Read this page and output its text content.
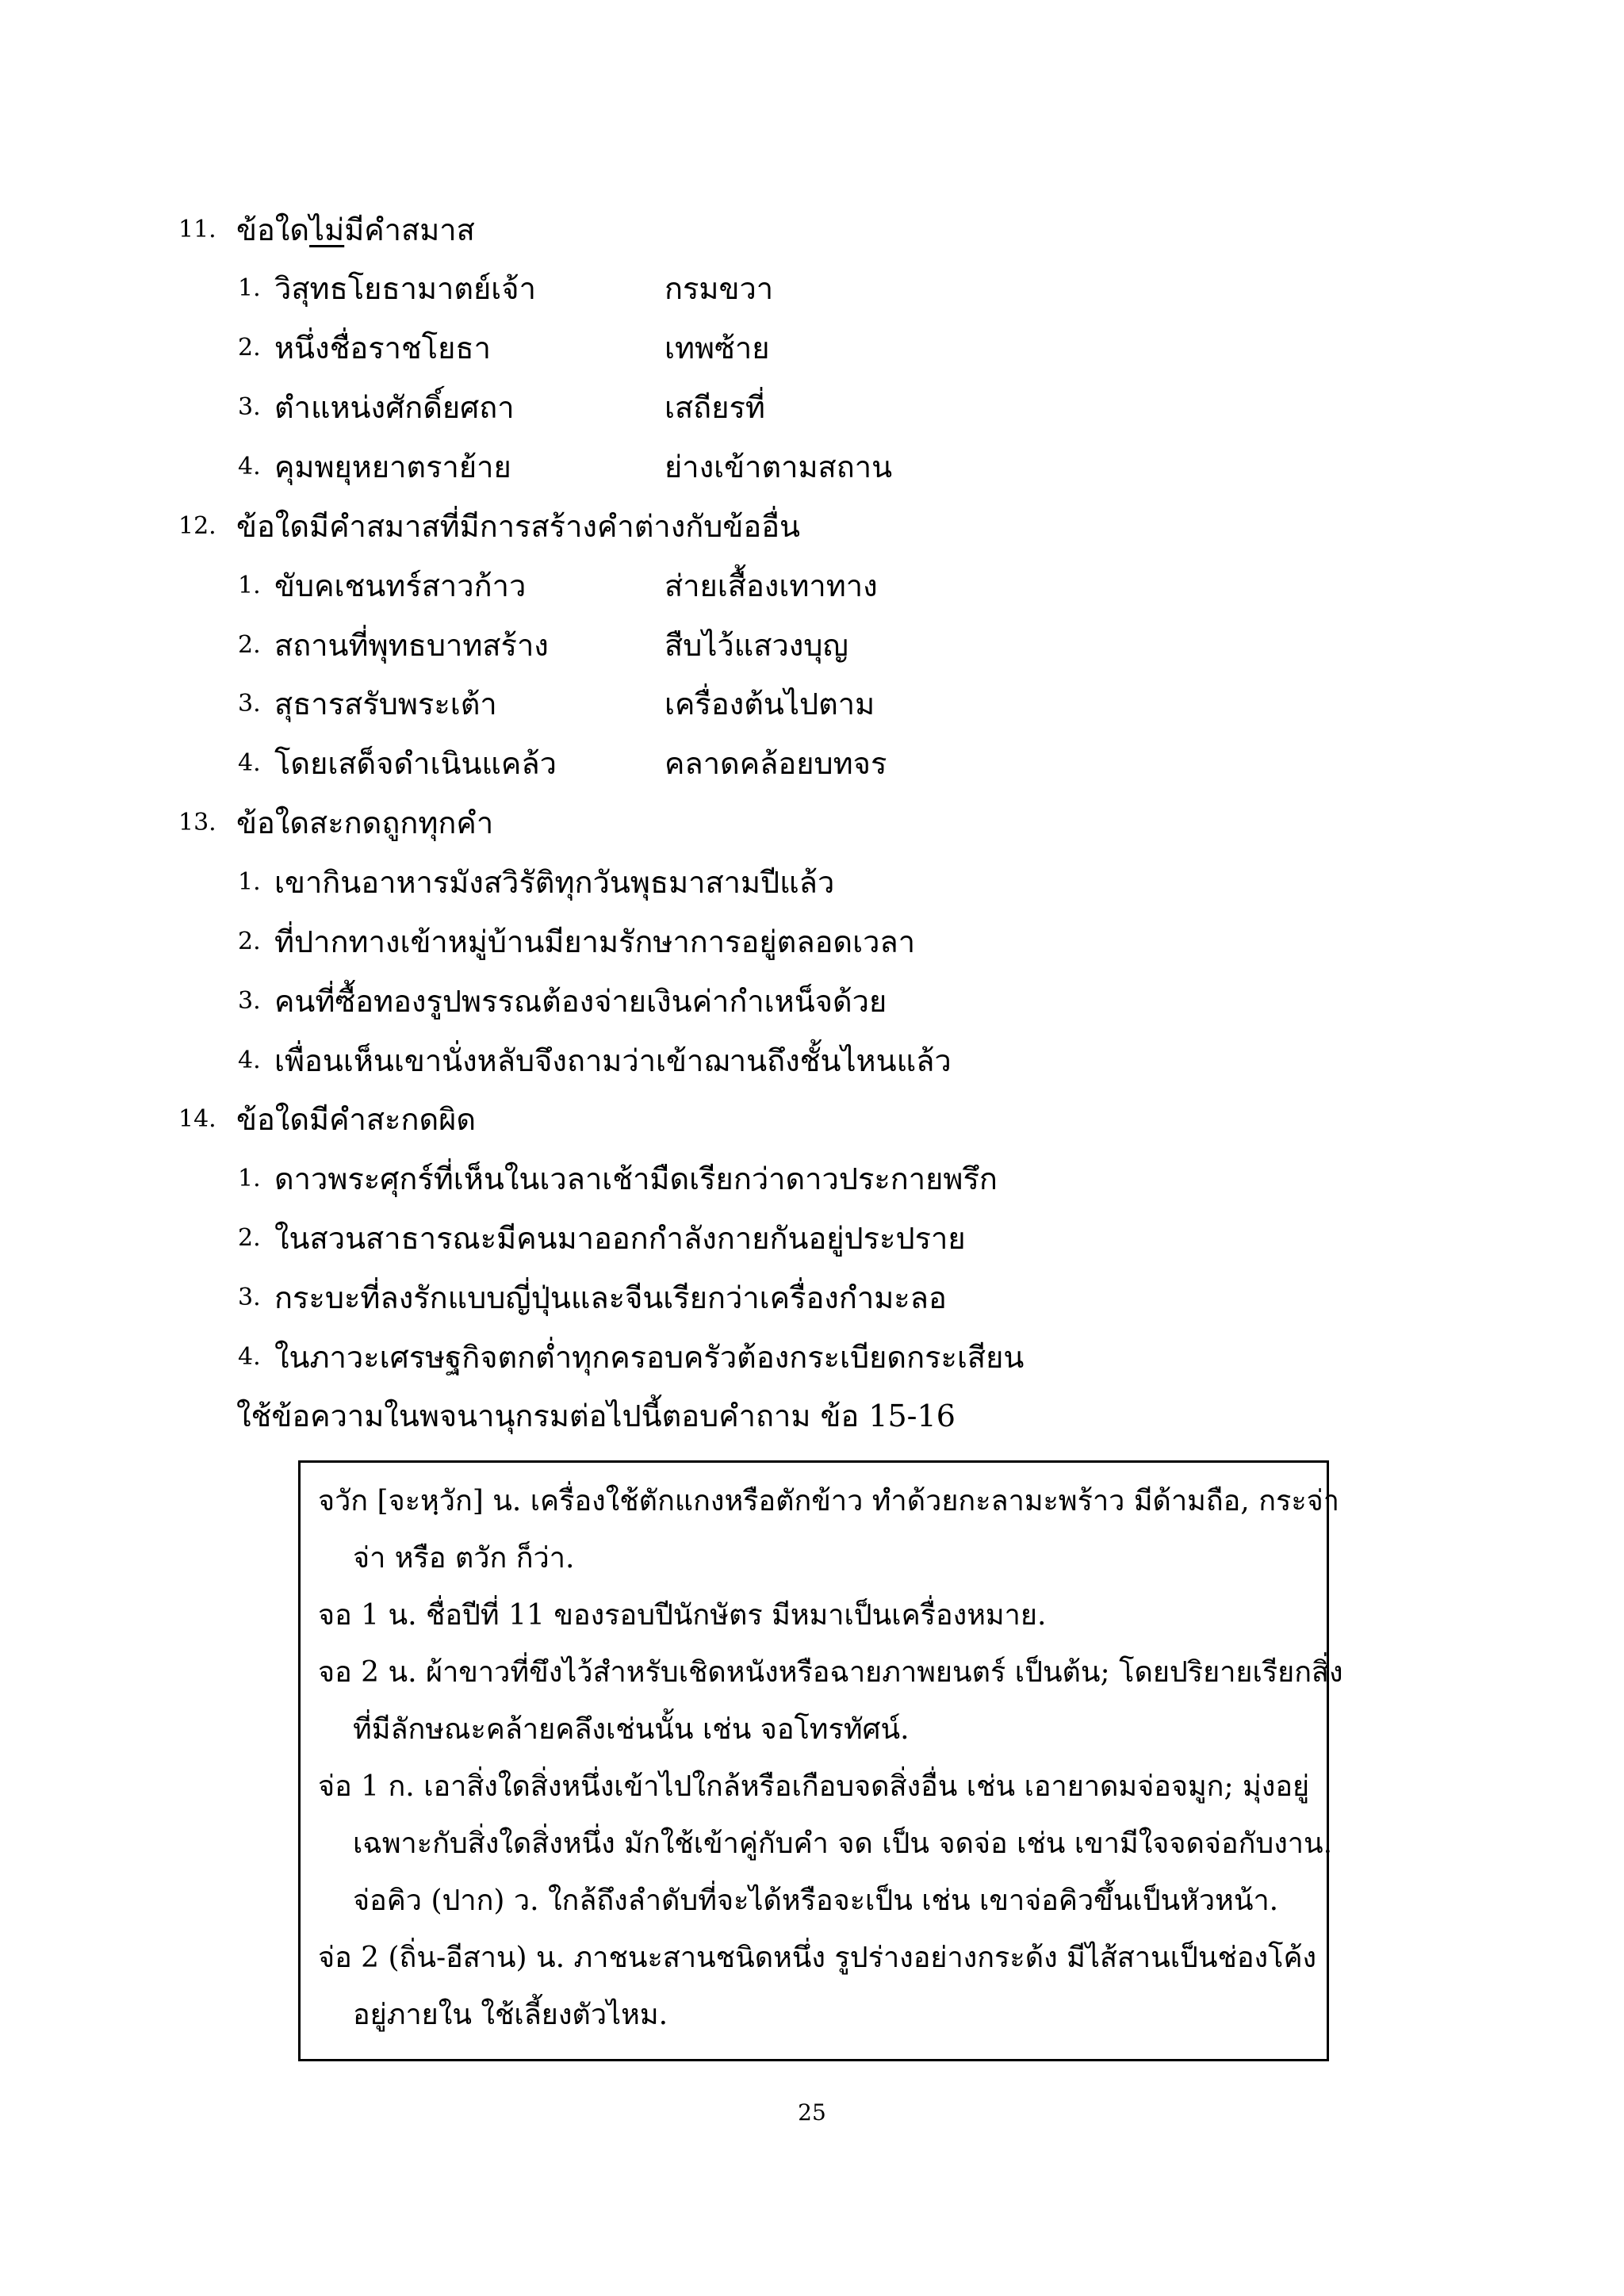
11. ข้อใดไม่มีคำสมาส
1. วิสุทธโยธามาตย์เจ้า	กรมขวา
2. หนึ่งชื่อราชโยธา	เทพซ้าย
3. ตำแหน่งศักดิ์ยศถา	เสถียรที่
4. คุมพยุหยาตราย้าย	ย่างเข้าตามสถาน
12. ข้อใดมีคำสมาสที่มีการสร้างคำต่างกับข้ออื่น
1. ขับคเชนทร์สาวก้าว	ส่ายเสื้องเทาทาง
2. สถานที่พุทธบาทสร้าง	สืบไว้แสวงบุญ
3. สุธารสรับพระเต้า	เครื่องต้นไปตาม
4. โดยเสด็จดำเนินแคล้ว	คลาดคล้อยบทจร
13. ข้อใดสะกดถูกทุกคำ
1. เขากินอาหารมังสวิรัติทุกวันพุธมาสามปีแล้ว
2. ที่ปากทางเข้าหมู่บ้านมียามรักษาการอยู่ตลอดเวลา
3. คนที่ซื้อทองรูปพรรณต้องจ่ายเงินค่ากำเหน็จด้วย
4. เพื่อนเห็นเขานั่งหลับจึงถามว่าเข้าฌานถึงชั้นไหนแล้ว
14. ข้อใดมีคำสะกดผิด
1. ดาวพระศุกร์ที่เห็นในเวลาเช้ามืดเรียกว่าดาวประกายพรึก
2. ในสวนสาธารณะมีคนมาออกกำลังกายกันอยู่ประปราย
3. กระบะที่ลงรักแบบญี่ปุ่นและจีนเรียกว่าเครื่องกำมะลอ
4. ในภาวะเศรษฐกิจตกต่ำทุกครอบครัวต้องกระเบียดกระเสียน
ใช้ข้อความในพจนานุกรมต่อไปนี้ตอบคำถาม ข้อ 15-16
จวัก [จะหฺวัก] น. เครื่องใช้ตักแกงหรือตักข้าว ทำด้วยกะลามะพร้าว มีด้ามถือ, กระจ่า
จ่า หรือ ตวัก ก็ว่า.
จอ 1 น. ชื่อปีที่ 11 ของรอบปีนักษัตร มีหมาเป็นเครื่องหมาย.
จอ 2 น. ผ้าขาวที่ขึงไว้สำหรับเชิดหนังหรือฉายภาพยนตร์ เป็นต้น; โดยปริยายเรียกสิ่ง
ที่มีลักษณะคล้ายคลึงเช่นนั้น เช่น จอโทรทัศน์.
จ่อ 1 ก. เอาสิ่งใดสิ่งหนึ่งเข้าไปใกล้หรือเกือบจดสิ่งอื่น เช่น เอายาดมจ่อจมูก; มุ่งอยู่
เฉพาะกับสิ่งใดสิ่งหนึ่ง มักใช้เข้าคู่กับคำ จด เป็น จดจ่อ เช่น เขามีใจจดจ่อกับงาน.
จ่อคิว (ปาก) ว. ใกล้ถึงลำดับที่จะได้หรือจะเป็น เช่น เขาจ่อคิวขึ้นเป็นหัวหน้า.
จ่อ 2 (ถิ่น-อีสาน) น. ภาชนะสานชนิดหนึ่ง รูปร่างอย่างกระด้ง มีไส้สานเป็นช่องโค้ง
อยู่ภายใน ใช้เลี้ยงตัวไหม.
25
